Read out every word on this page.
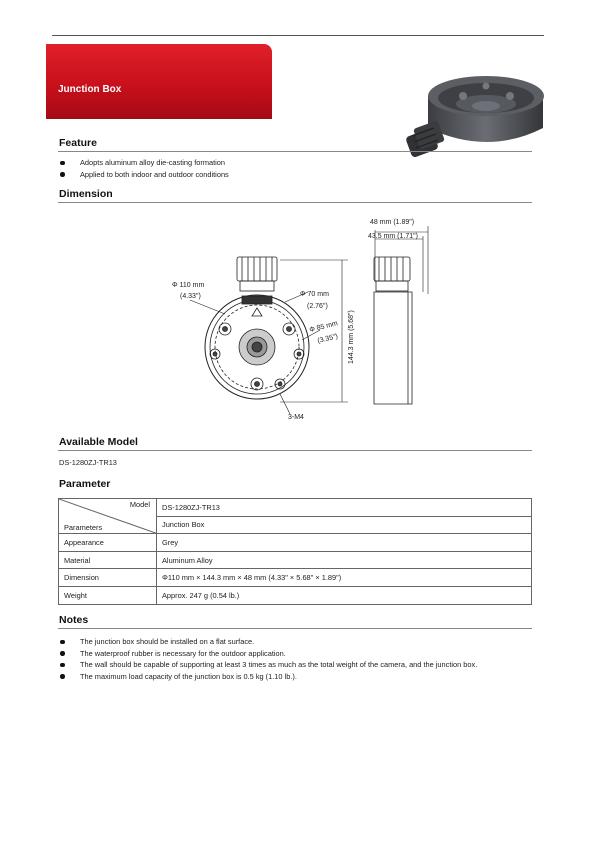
Junction Box
Feature
Adopts aluminum alloy die-casting formation
Applied to both indoor and outdoor conditions
Dimension
Φ 110 mm
(4.33")	Φ 70 mm
(2.76")
Φ 85 mm
(3.35") 144.3 mm (5.68")
48 mm (1.89")
43.5 mm (1.71")
3-M4
Available Model
DS-1280ZJ-TR13
Parameter
Model
Parameters	DS-1280ZJ-TR13
	Junction Box
Appearance	Grey
Material	Aluminum Alloy
Dimension	Φ110 mm × 144.3 mm × 48 mm (4.33" × 5.68" × 1.89")
Weight	Approx. 247 g (0.54 lb.)
Notes
The junction box should be installed on a flat surface.
The waterproof rubber is necessary for the outdoor application.
The wall should be capable of supporting at least 3 times as much as the total weight of the camera, and the junction box.
The maximum load capacity of the junction box is 0.5 kg (1.10 lb.).
